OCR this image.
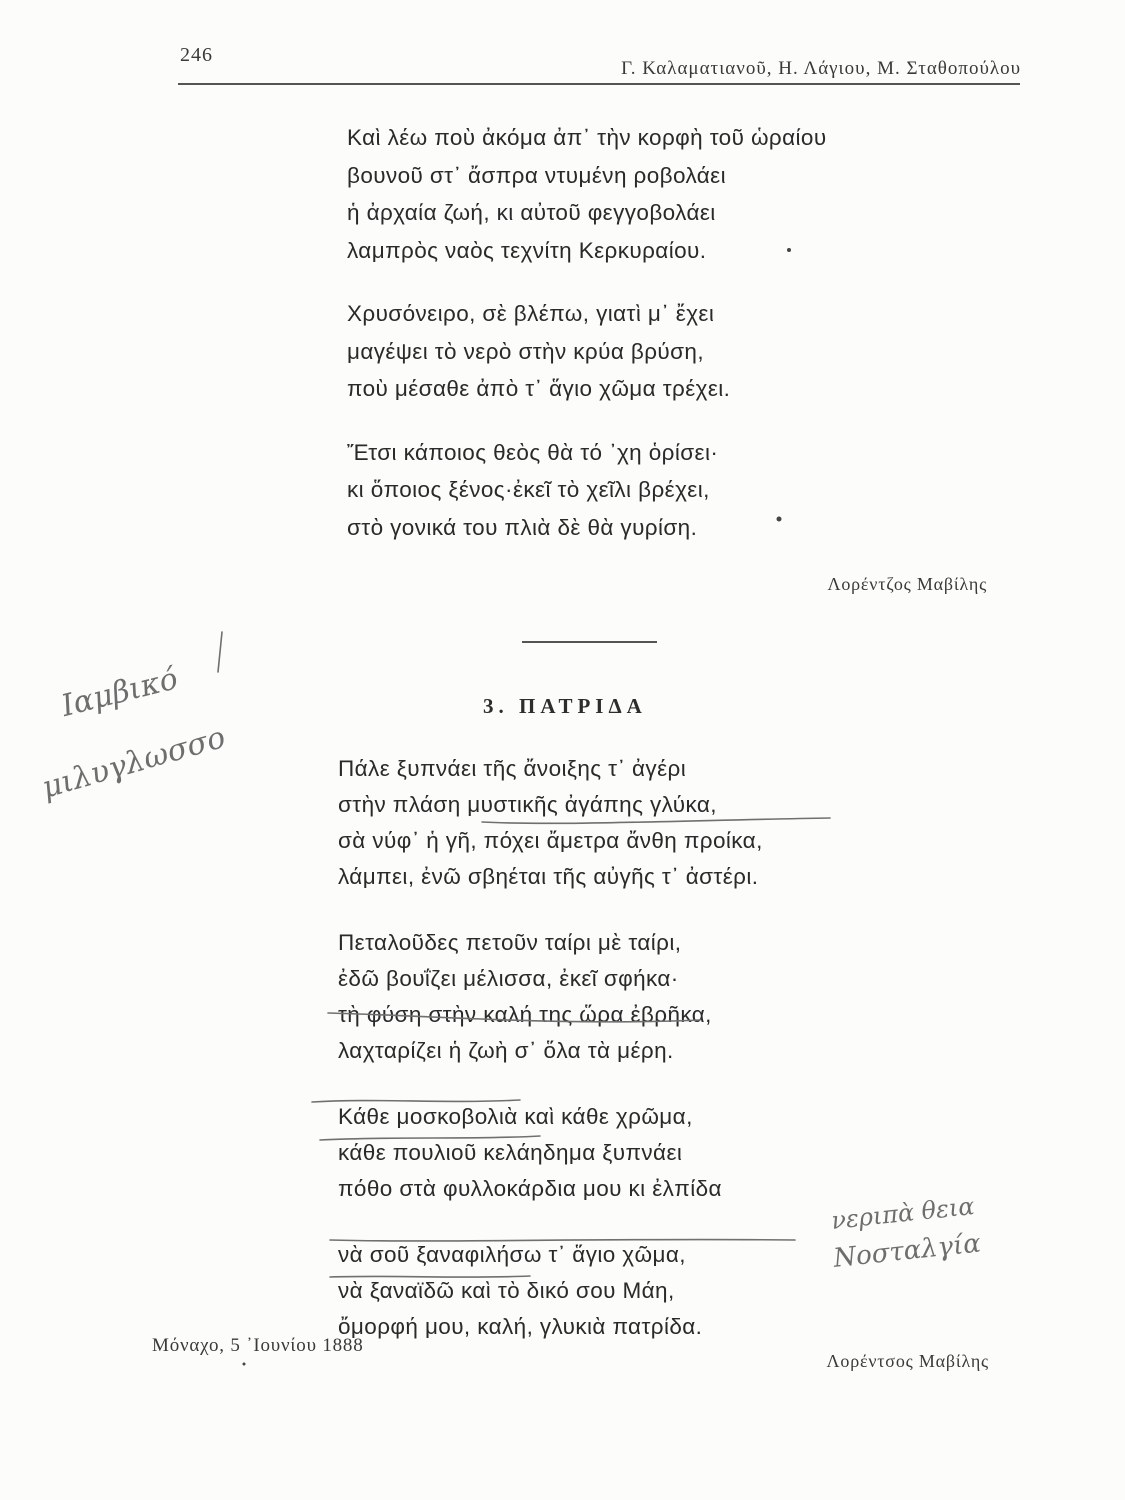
246
Γ. Καλαματιανοῦ, Η. Λάγιου, Μ. Σταθοπούλου
Καὶ λέω ποὺ ἀκόμα ἀπ᾽ τὴν κορφὴ τοῦ ὡραίου
βουνοῦ στ᾽ ἄσπρα ντυμένη ροβολάει
ἡ ἀρχαία ζωή, κι αὐτοῦ φεγγοβολάει
λαμπρὸς ναὸς τεχνίτη Κερκυραίου.
Χρυσόνειρο, σὲ βλέπω, γιατὶ μ᾽ ἔχει
μαγέψει τὸ νερὸ στὴν κρύα βρύση,
ποὺ μέσαθε ἀπὸ τ᾽ ἅγιο χῶμα τρέχει.
Ἔτσι κάποιος θεὸς θὰ τό ᾽χη ὁρίσει·
κι ὅποιος ξένος·ἐκεῖ τὸ χεῖλι βρέχει,
στὸ γονικά του πλιὰ δὲ θὰ γυρίση.
Λορέντζος Μαβίλης
3. ΠΑΤΡΙΔΑ
Πάλε ξυπνάει τῆς ἄνοιξης τ᾽ ἀγέρι
στὴν πλάση μυστικῆς ἀγάπης γλύκα,
σὰ νύφ᾽ ἡ γῆ, πόχει ἄμετρα ἄνθη προίκα,
λάμπει, ἐνῶ σβηέται τῆς αὐγῆς τ᾽ ἀστέρι.
Πεταλοῦδες πετοῦν ταίρι μὲ ταίρι,
ἐδῶ βουΐζει μέλισσα, ἐκεῖ σφήκα·
τὴ φύση στὴν καλή της ὥρα ἐβρῆκα,
λαχταρίζει ἡ ζωὴ σ᾽ ὅλα τὰ μέρη.
Κάθε μοσκοβολιὰ καὶ κάθε χρῶμα,
κάθε πουλιοῦ κελάηδημα ξυπνάει
πόθο στὰ φυλλοκάρδια μου κι ἐλπίδα
νὰ σοῦ ξαναφιλήσω τ᾽ ἅγιο χῶμα,
νὰ ξαναϊδῶ καὶ τὸ δικό σου Μάη,
ὄμορφή μου, καλή, γλυκιὰ πατρίδα.
Μόναχο, 5 ᾽Ιουνίου 1888
Λορέντσος Μαβίλης
Ιαμβικό
μιλυγλωσσο
νεριπὰ θεια
Νοσταλγία
